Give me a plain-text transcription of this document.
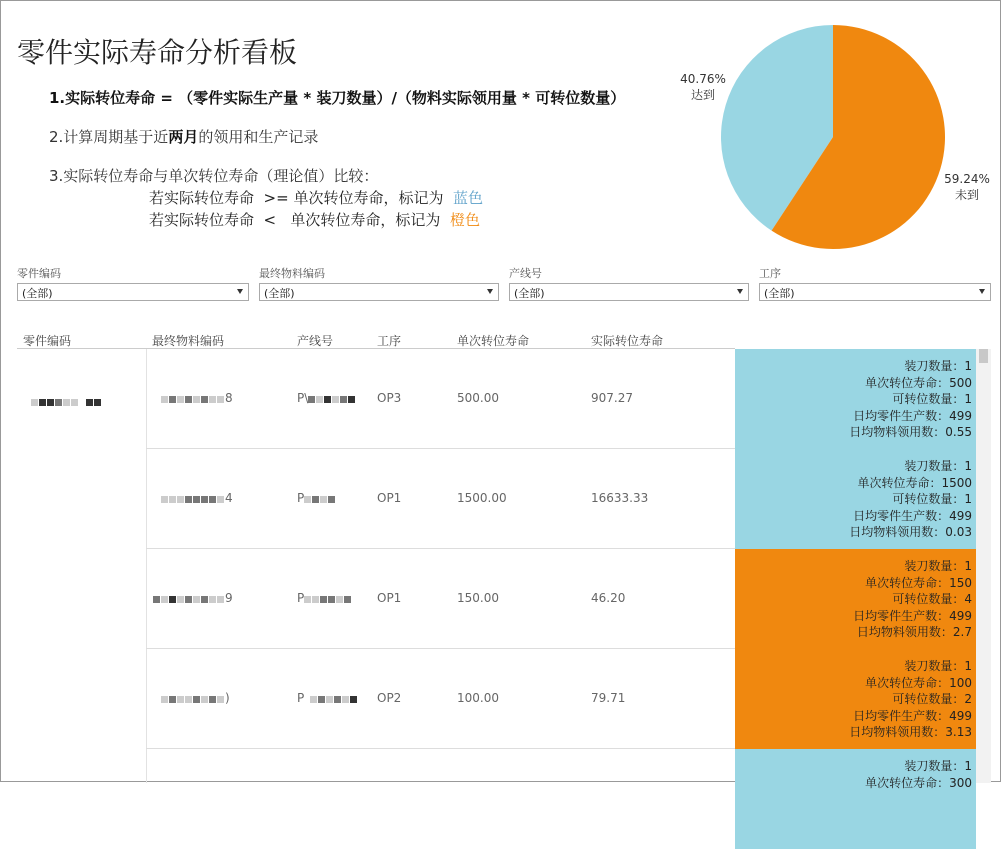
零件实际寿命分析看板
1.实际转位寿命 = （零件实际生产量 * 装刀数量）/（物料实际领用量 * 可转位数量）
2.计算周期基于近两月的领用和生产记录
3.实际转位寿命与单次转位寿命（理论值）比较：
若实际转位寿命  >= 单次转位寿命，标记为  蓝色
若实际转位寿命  <   单次转位寿命，标记为  橙色
40.76%
达到
59.24%
未到
零件编码
(全部)
最终物料编码
(全部)
产线号
(全部)
工序
(全部)
零件编码	最终物料编码	产线号	工序	单次转位寿命	实际转位寿命
8	P\	OP3	500.00	907.27
装刀数量：1
单次转位寿命：500
可转位数量：1
日均零件生产数：499
日均物料领用数：0.55
4	P	OP1	1500.00	16633.33
装刀数量：1
单次转位寿命：1500
可转位数量：1
日均零件生产数：499
日均物料领用数：0.03
9	P	OP1	150.00	46.20
装刀数量：1
单次转位寿命：150
可转位数量：4
日均零件生产数：499
日均物料领用数：2.7
)	P	OP2	100.00	79.71
装刀数量：1
单次转位寿命：100
可转位数量：2
日均零件生产数：499
日均物料领用数：3.13
装刀数量：1
单次转位寿命：300
